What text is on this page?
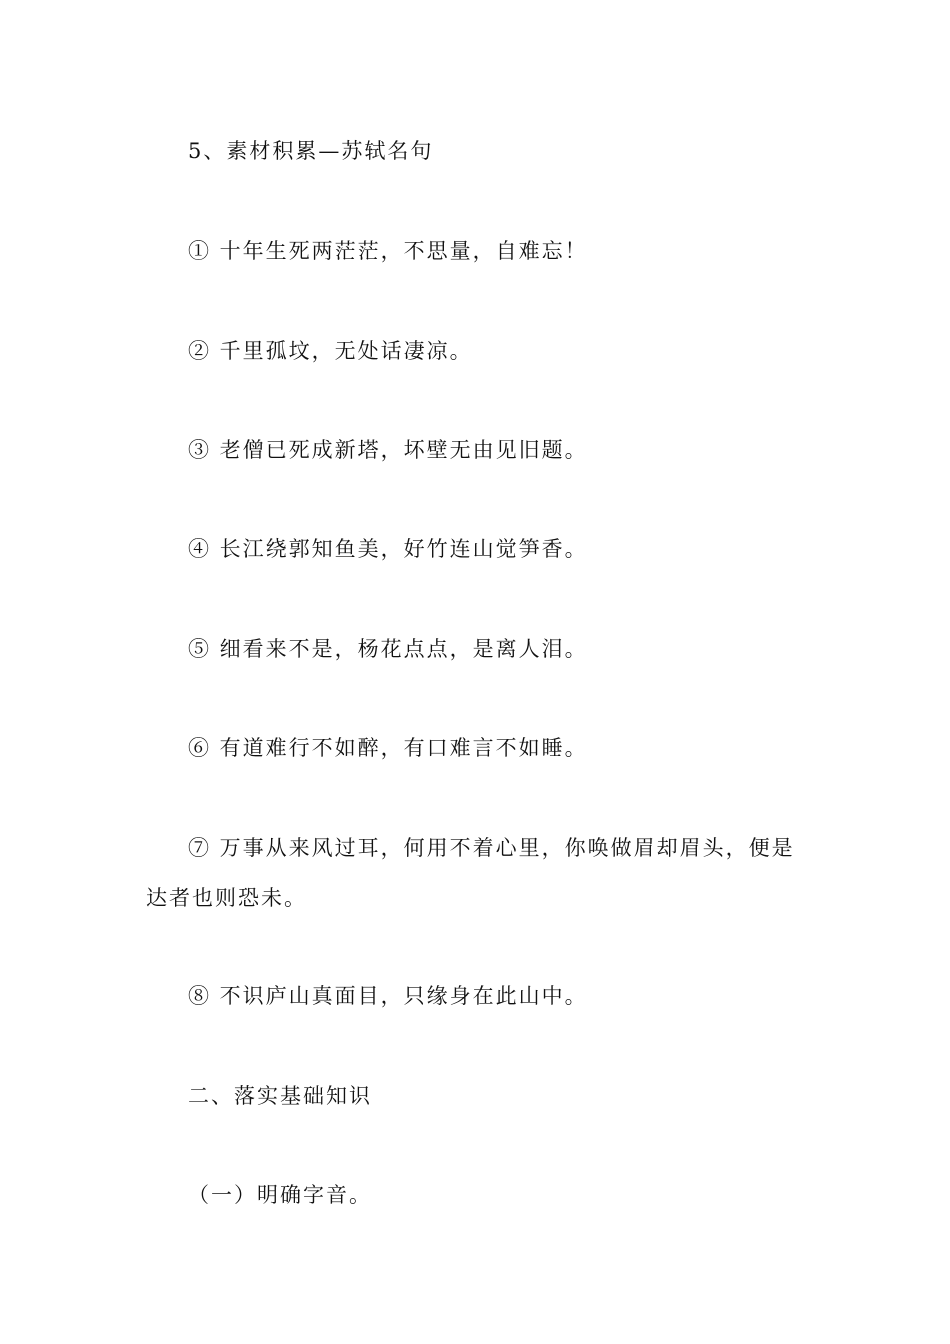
5、素材积累—苏轼名句
① 十年生死两茫茫，不思量，自难忘！
② 千里孤坟，无处话凄凉。
③ 老僧已死成新塔，坏壁无由见旧题。
④ 长江绕郭知鱼美，好竹连山觉笋香。
⑤ 细看来不是，杨花点点，是离人泪。
⑥ 有道难行不如醉，有口难言不如睡。
⑦ 万事从来风过耳，何用不着心里，你唤做眉却眉头，便是达者也则恐未。
⑧ 不识庐山真面目，只缘身在此山中。
二、落实基础知识
（一）明确字音。
